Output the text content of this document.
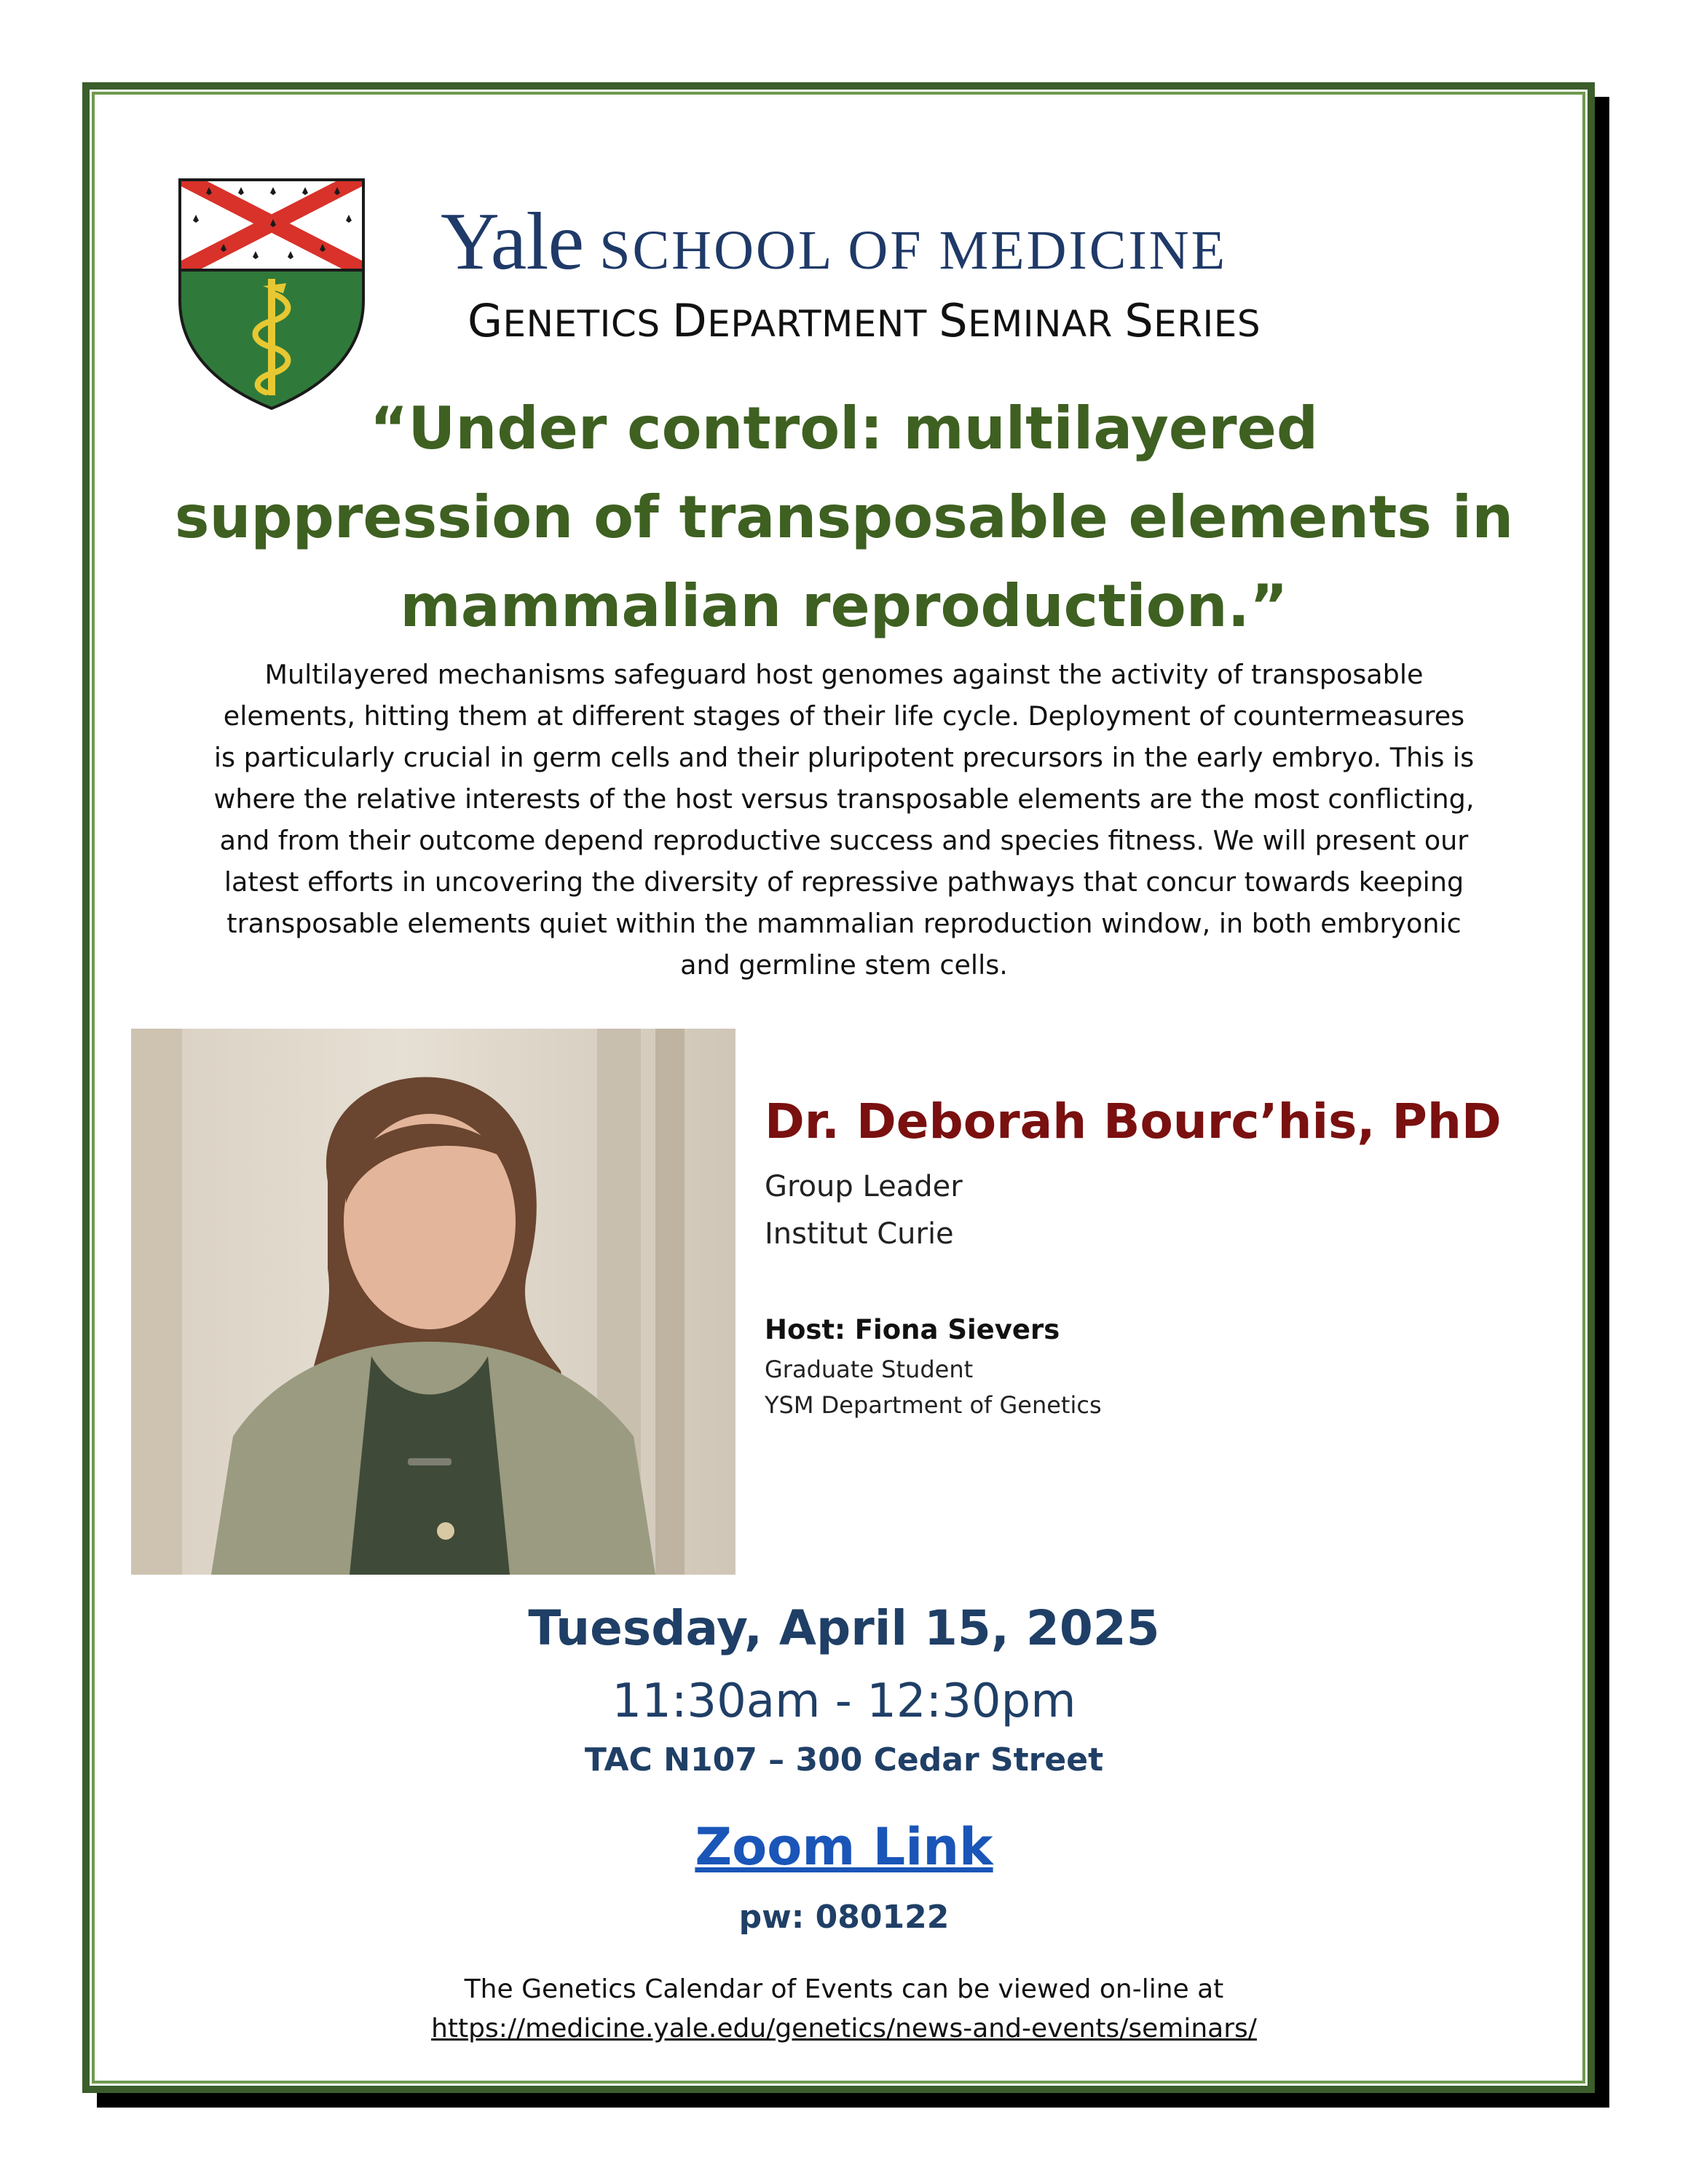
Yale SCHOOL OF MEDICINE
GENETICS DEPARTMENT SEMINAR SERIES
“Under control: multilayered
suppression of transposable elements in
mammalian reproduction.”
Multilayered mechanisms safeguard host genomes against the activity of transposable
elements, hitting them at different stages of their life cycle. Deployment of countermeasures
is particularly crucial in germ cells and their pluripotent precursors in the early embryo. This is
where the relative interests of the host versus transposable elements are the most conflicting,
and from their outcome depend reproductive success and species fitness. We will present our
latest efforts in uncovering the diversity of repressive pathways that concur towards keeping
transposable elements quiet within the mammalian reproduction window, in both embryonic
and germline stem cells.
Dr. Deborah Bourc’his, PhD
Group Leader
Institut Curie
Host: Fiona Sievers
Graduate Student
YSM Department of Genetics
Tuesday, April 15, 2025
11:30am - 12:30pm
TAC N107 – 300 Cedar Street
Zoom Link
pw: 080122
The Genetics Calendar of Events can be viewed on-line at
https://medicine.yale.edu/genetics/news-and-events/seminars/
